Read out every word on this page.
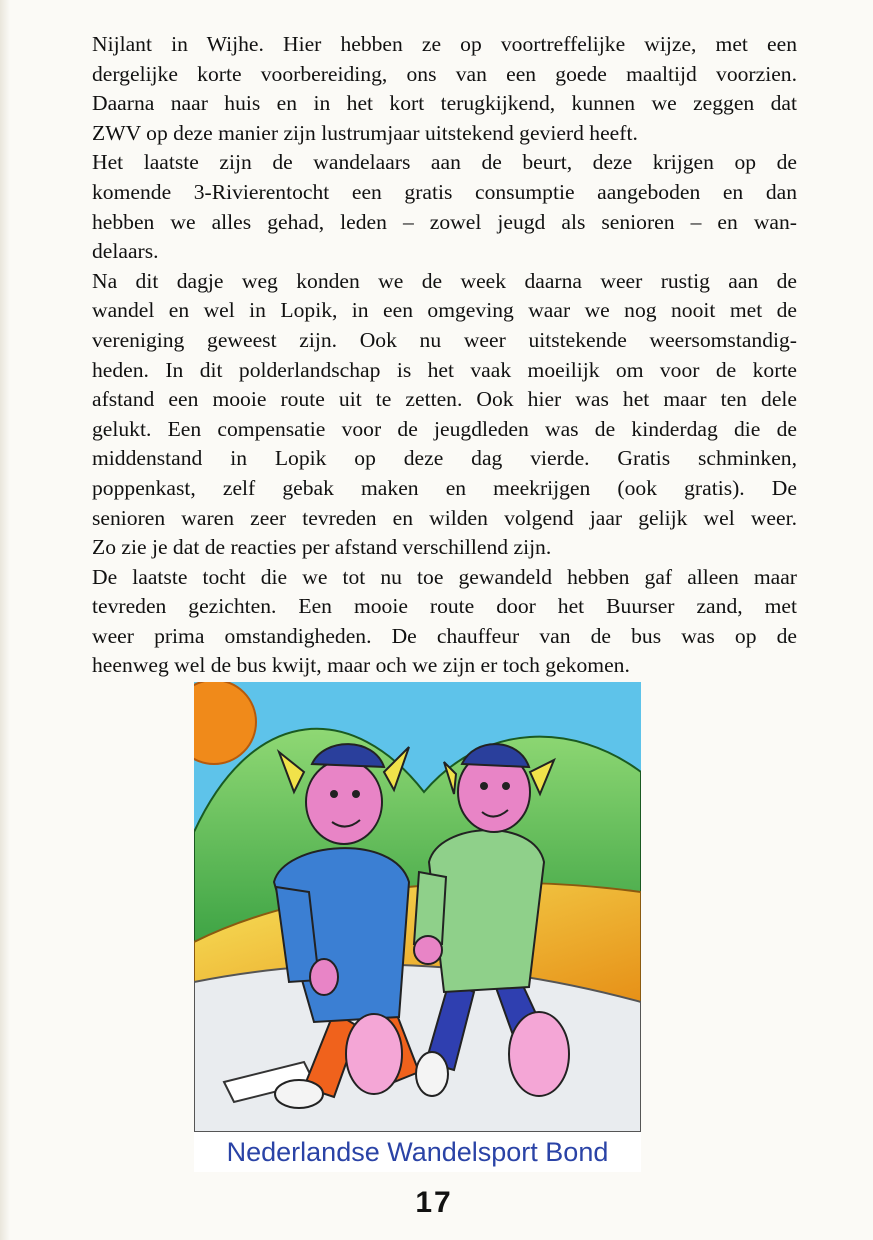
Nijlant in Wijhe. Hier hebben ze op voortreffelijke wijze, met een
dergelijke korte voorbereiding, ons van een goede maaltijd voorzien.
Daarna naar huis en in het kort terugkijkend, kunnen we zeggen dat
ZWV op deze manier zijn lustrumjaar uitstekend gevierd heeft.
Het laatste zijn de wandelaars aan de beurt, deze krijgen op de
komende 3-Rivierentocht een gratis consumptie aangeboden en dan
hebben we alles gehad, leden – zowel jeugd als senioren – en wan-
delaars.
Na dit dagje weg konden we de week daarna weer rustig aan de
wandel en wel in Lopik, in een omgeving waar we nog nooit met de
vereniging geweest zijn. Ook nu weer uitstekende weersomstandig-
heden. In dit polderlandschap is het vaak moeilijk om voor de korte
afstand een mooie route uit te zetten. Ook hier was het maar ten dele
gelukt. Een compensatie voor de jeugdleden was de kinderdag die de
middenstand in Lopik op deze dag vierde. Gratis schminken,
poppenkast, zelf gebak maken en meekrijgen (ook gratis). De
senioren waren zeer tevreden en wilden volgend jaar gelijk wel weer.
Zo zie je dat de reacties per afstand verschillend zijn.
De laatste tocht die we tot nu toe gewandeld hebben gaf alleen maar
tevreden gezichten. Een mooie route door het Buurser zand, met
weer prima omstandigheden. De chauffeur van de bus was op de
heenweg wel de bus kwijt, maar och we zijn er toch gekomen.
Nederlandse Wandelsport Bond
17
